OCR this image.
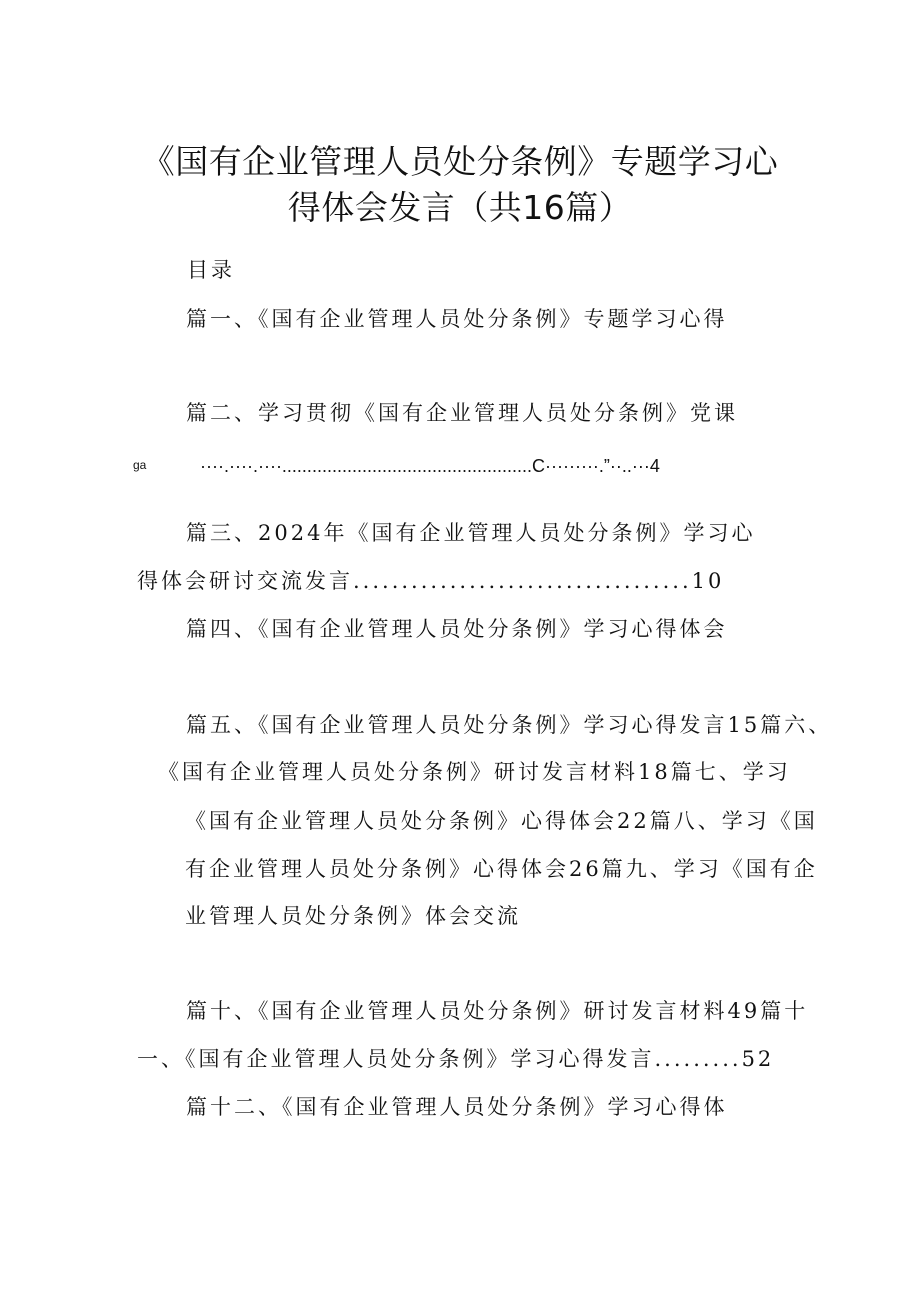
《国有企业管理人员处分条例》专题学习心
得体会发言（共16篇）
目录
篇一、《国有企业管理人员处分条例》专题学习心得
篇二、学习贯彻《国有企业管理人员处分条例》党课
ga	····.····.····..................................................C·········.”··..···4
篇三、2024年《国有企业管理人员处分条例》学习心
得体会研讨交流发言...................................10
篇四、《国有企业管理人员处分条例》学习心得体会
篇五、《国有企业管理人员处分条例》学习心得发言15篇六、
《国有企业管理人员处分条例》研讨发言材料18篇七、学习
《国有企业管理人员处分条例》心得体会22篇八、学习《国
有企业管理人员处分条例》心得体会26篇九、学习《国有企
业管理人员处分条例》体会交流
篇十、《国有企业管理人员处分条例》研讨发言材料49篇十
一、《国有企业管理人员处分条例》学习心得发言.........52
篇十二、《国有企业管理人员处分条例》学习心得体
